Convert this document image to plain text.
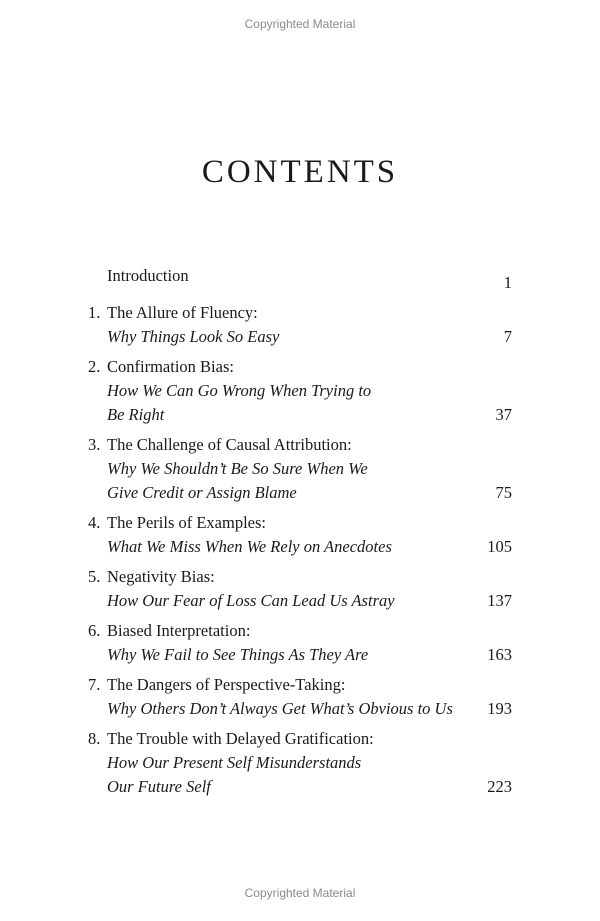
Copyrighted Material
CONTENTS
Introduction	1
1. The Allure of Fluency:
Why Things Look So Easy	7
2. Confirmation Bias:
How We Can Go Wrong When Trying to
Be Right	37
3. The Challenge of Causal Attribution:
Why We Shouldn’t Be So Sure When We
Give Credit or Assign Blame	75
4. The Perils of Examples:
What We Miss When We Rely on Anecdotes	105
5. Negativity Bias:
How Our Fear of Loss Can Lead Us Astray	137
6. Biased Interpretation:
Why We Fail to See Things As They Are	163
7. The Dangers of Perspective-Taking:
Why Others Don’t Always Get What’s Obvious to Us 193
8. The Trouble with Delayed Gratification:
How Our Present Self Misunderstands
Our Future Self	223
Copyrighted Material
